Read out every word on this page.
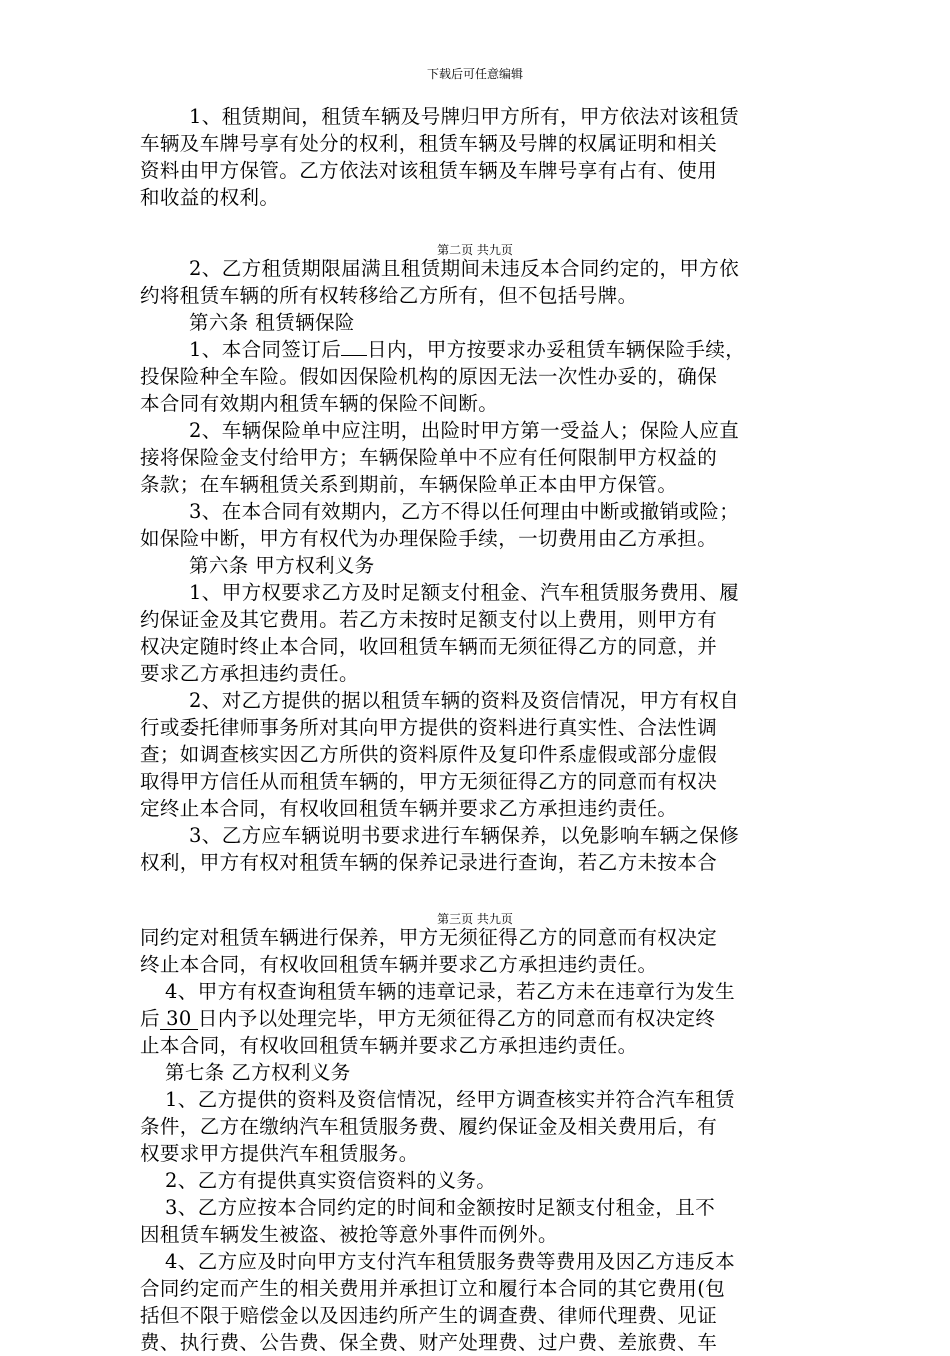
下载后可任意编辑
1、租赁期间，租赁车辆及号牌归甲方所有，甲方依法对该租赁
车辆及车牌号享有处分的权利，租赁车辆及号牌的权属证明和相关
资料由甲方保管。乙方依法对该租赁车辆及车牌号享有占有、使用
和收益的权利。
第二页 共九页
2、乙方租赁期限届满且租赁期间未违反本合同约定的，甲方依
约将租赁车辆的所有权转移给乙方所有，但不包括号牌。
第六条 租赁辆保险
1、本合同签订后 日内，甲方按要求办妥租赁车辆保险手续，
投保险种全车险。假如因保险机构的原因无法一次性办妥的，确保
本合同有效期内租赁车辆的保险不间断。
2、车辆保险单中应注明，出险时甲方第一受益人；保险人应直
接将保险金支付给甲方；车辆保险单中不应有任何限制甲方权益的
条款；在车辆租赁关系到期前，车辆保险单正本由甲方保管。
3、在本合同有效期内，乙方不得以任何理由中断或撤销或险；
如保险中断，甲方有权代为办理保险手续，一切费用由乙方承担。
第六条 甲方权利义务
1、甲方权要求乙方及时足额支付租金、汽车租赁服务费用、履
约保证金及其它费用。若乙方未按时足额支付以上费用，则甲方有
权决定随时终止本合同，收回租赁车辆而无须征得乙方的同意，并
要求乙方承担违约责任。
2、对乙方提供的据以租赁车辆的资料及资信情况，甲方有权自
行或委托律师事务所对其向甲方提供的资料进行真实性、合法性调
查；如调查核实因乙方所供的资料原件及复印件系虚假或部分虚假
取得甲方信任从而租赁车辆的，甲方无须征得乙方的同意而有权决
定终止本合同，有权收回租赁车辆并要求乙方承担违约责任。
3、乙方应车辆说明书要求进行车辆保养，以免影响车辆之保修
权利，甲方有权对租赁车辆的保养记录进行查询，若乙方未按本合
第三页 共九页
同约定对租赁车辆进行保养，甲方无须征得乙方的同意而有权决定
终止本合同，有权收回租赁车辆并要求乙方承担违约责任。
4、甲方有权查询租赁车辆的违章记录，若乙方未在违章行为发生
后 30 日内予以处理完毕，甲方无须征得乙方的同意而有权决定终
止本合同，有权收回租赁车辆并要求乙方承担违约责任。
第七条 乙方权利义务
1、乙方提供的资料及资信情况，经甲方调查核实并符合汽车租赁
条件，乙方在缴纳汽车租赁服务费、履约保证金及相关费用后，有
权要求甲方提供汽车租赁服务。
2、乙方有提供真实资信资料的义务。
3、乙方应按本合同约定的时间和金额按时足额支付租金，且不
因租赁车辆发生被盗、被抢等意外事件而例外。
4、乙方应及时向甲方支付汽车租赁服务费等费用及因乙方违反本
合同约定而产生的相关费用并承担订立和履行本合同的其它费用(包
括但不限于赔偿金以及因违约所产生的调查费、律师代理费、见证
费、执行费、公告费、保全费、财产处理费、过户费、差旅费、车
